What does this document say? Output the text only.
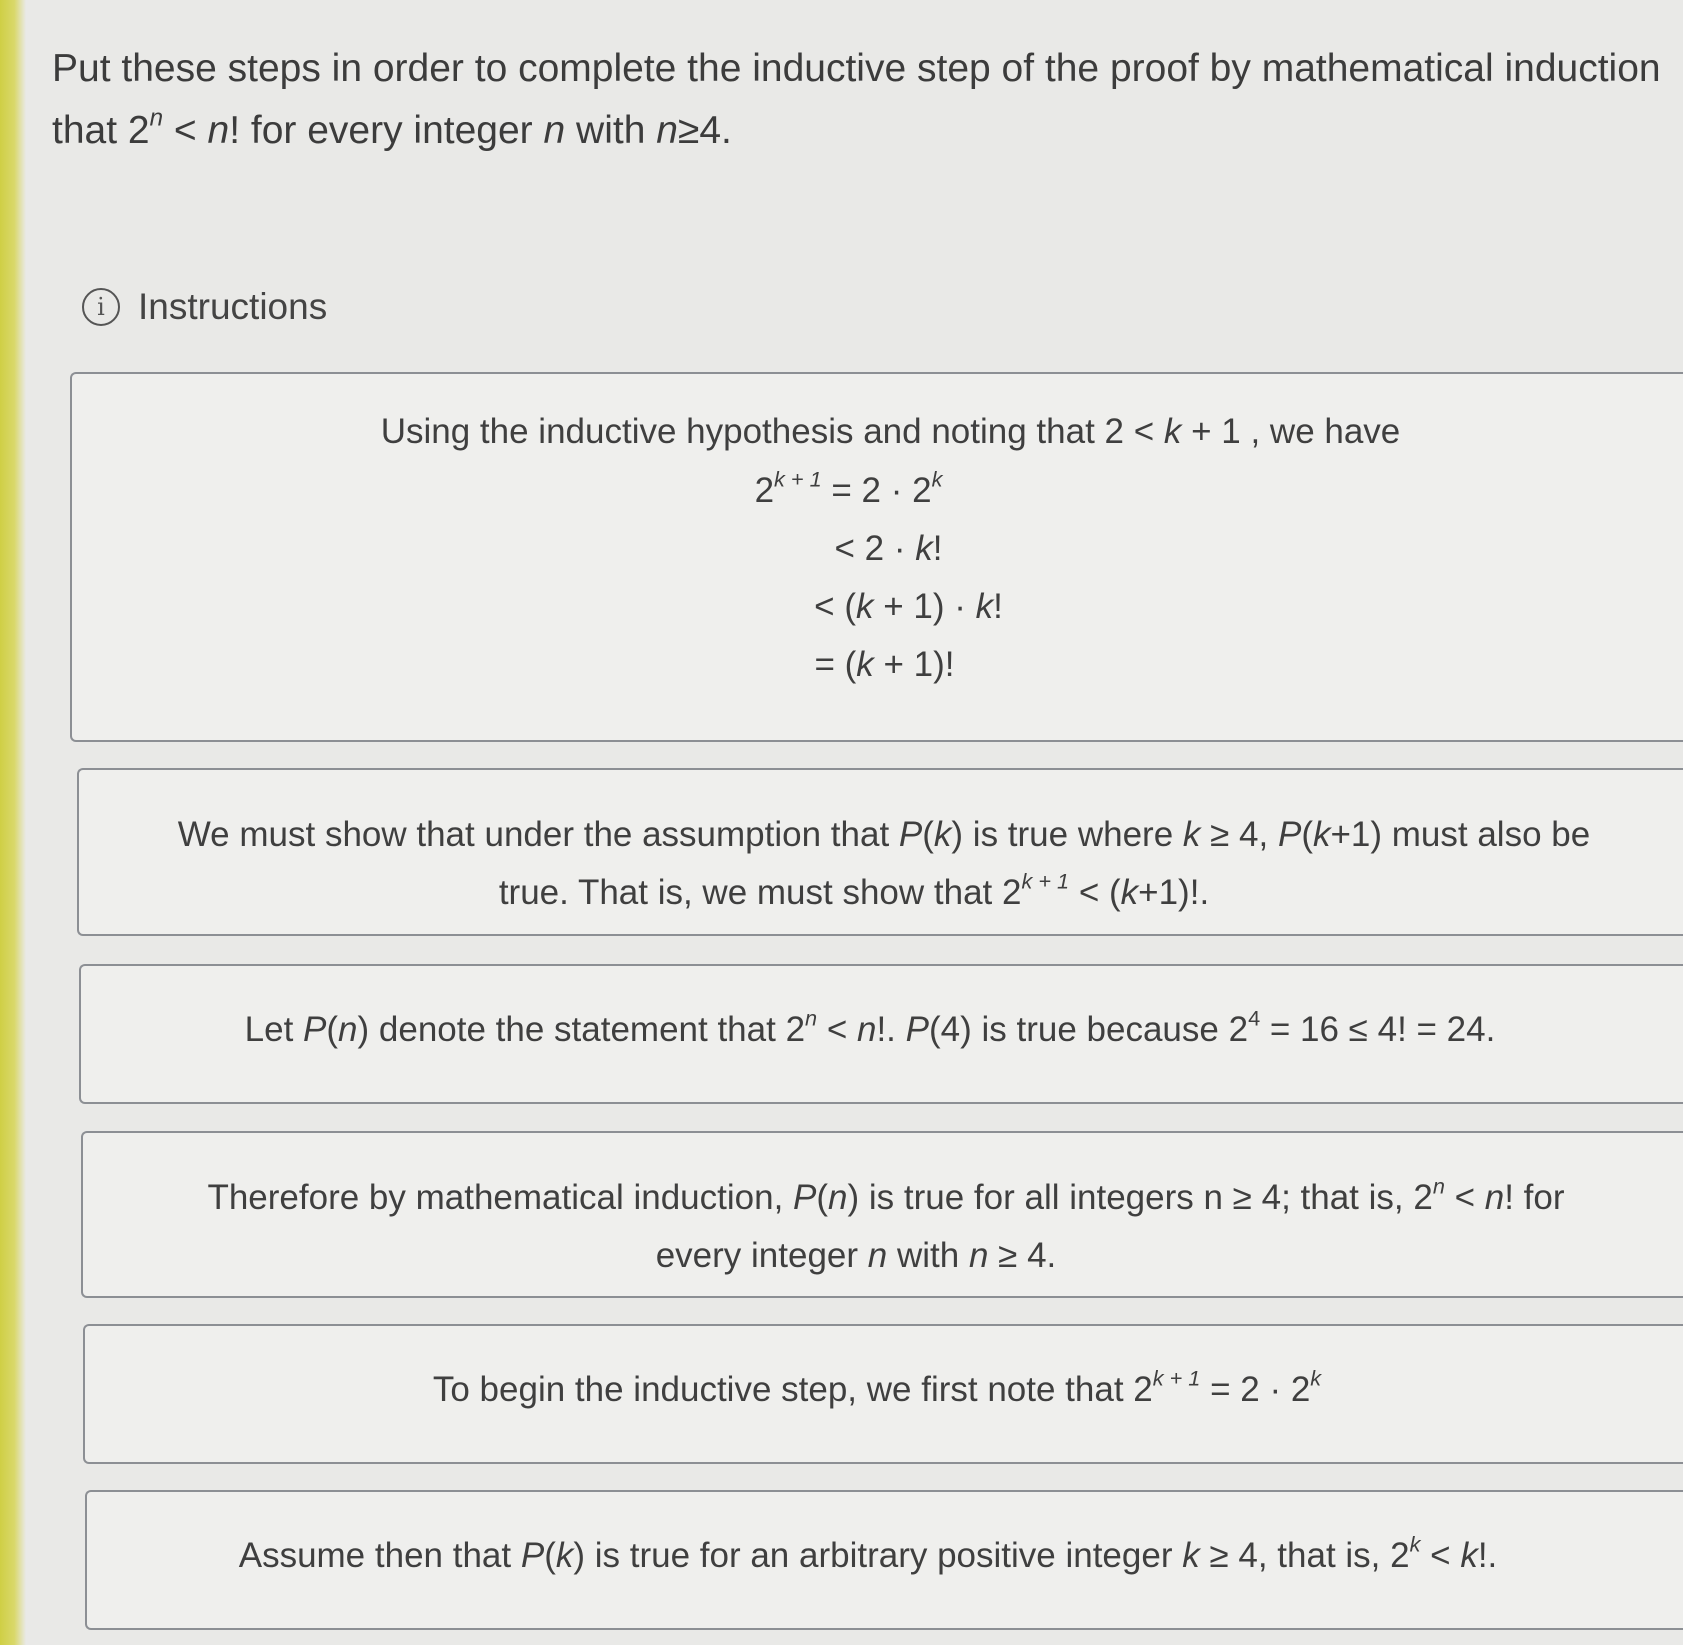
Put these steps in order to complete the inductive step of the proof by mathematical induction
that $2^n < n$! for every integer n with n≥4.
i Instructions
Using the inductive hypothesis and noting that 2 < k + 1 , we have
$2^{k + 1} = 2 \cdot 2^k$
< 2 · k!
< (k + 1) · k!
= (k + 1)!
We must show that under the assumption that P(k) is true where k ≥ 4, P(k+1) must also be
true. That is, we must show that $2^{k + 1} < (k+1)$!.
Let P(n) denote the statement that $2^n < n$!. P(4) is true because $2^4 = 16 \le 4$! = 24.
Therefore by mathematical induction, P(n) is true for all integers n ≥ 4; that is, $2^n < n$! for
every integer n with n ≥ 4.
To begin the inductive step, we first note that $2^{k + 1} = 2 \cdot 2^k$
Assume then that P(k) is true for an arbitrary positive integer k ≥ 4, that is, $2^k < k$!.
